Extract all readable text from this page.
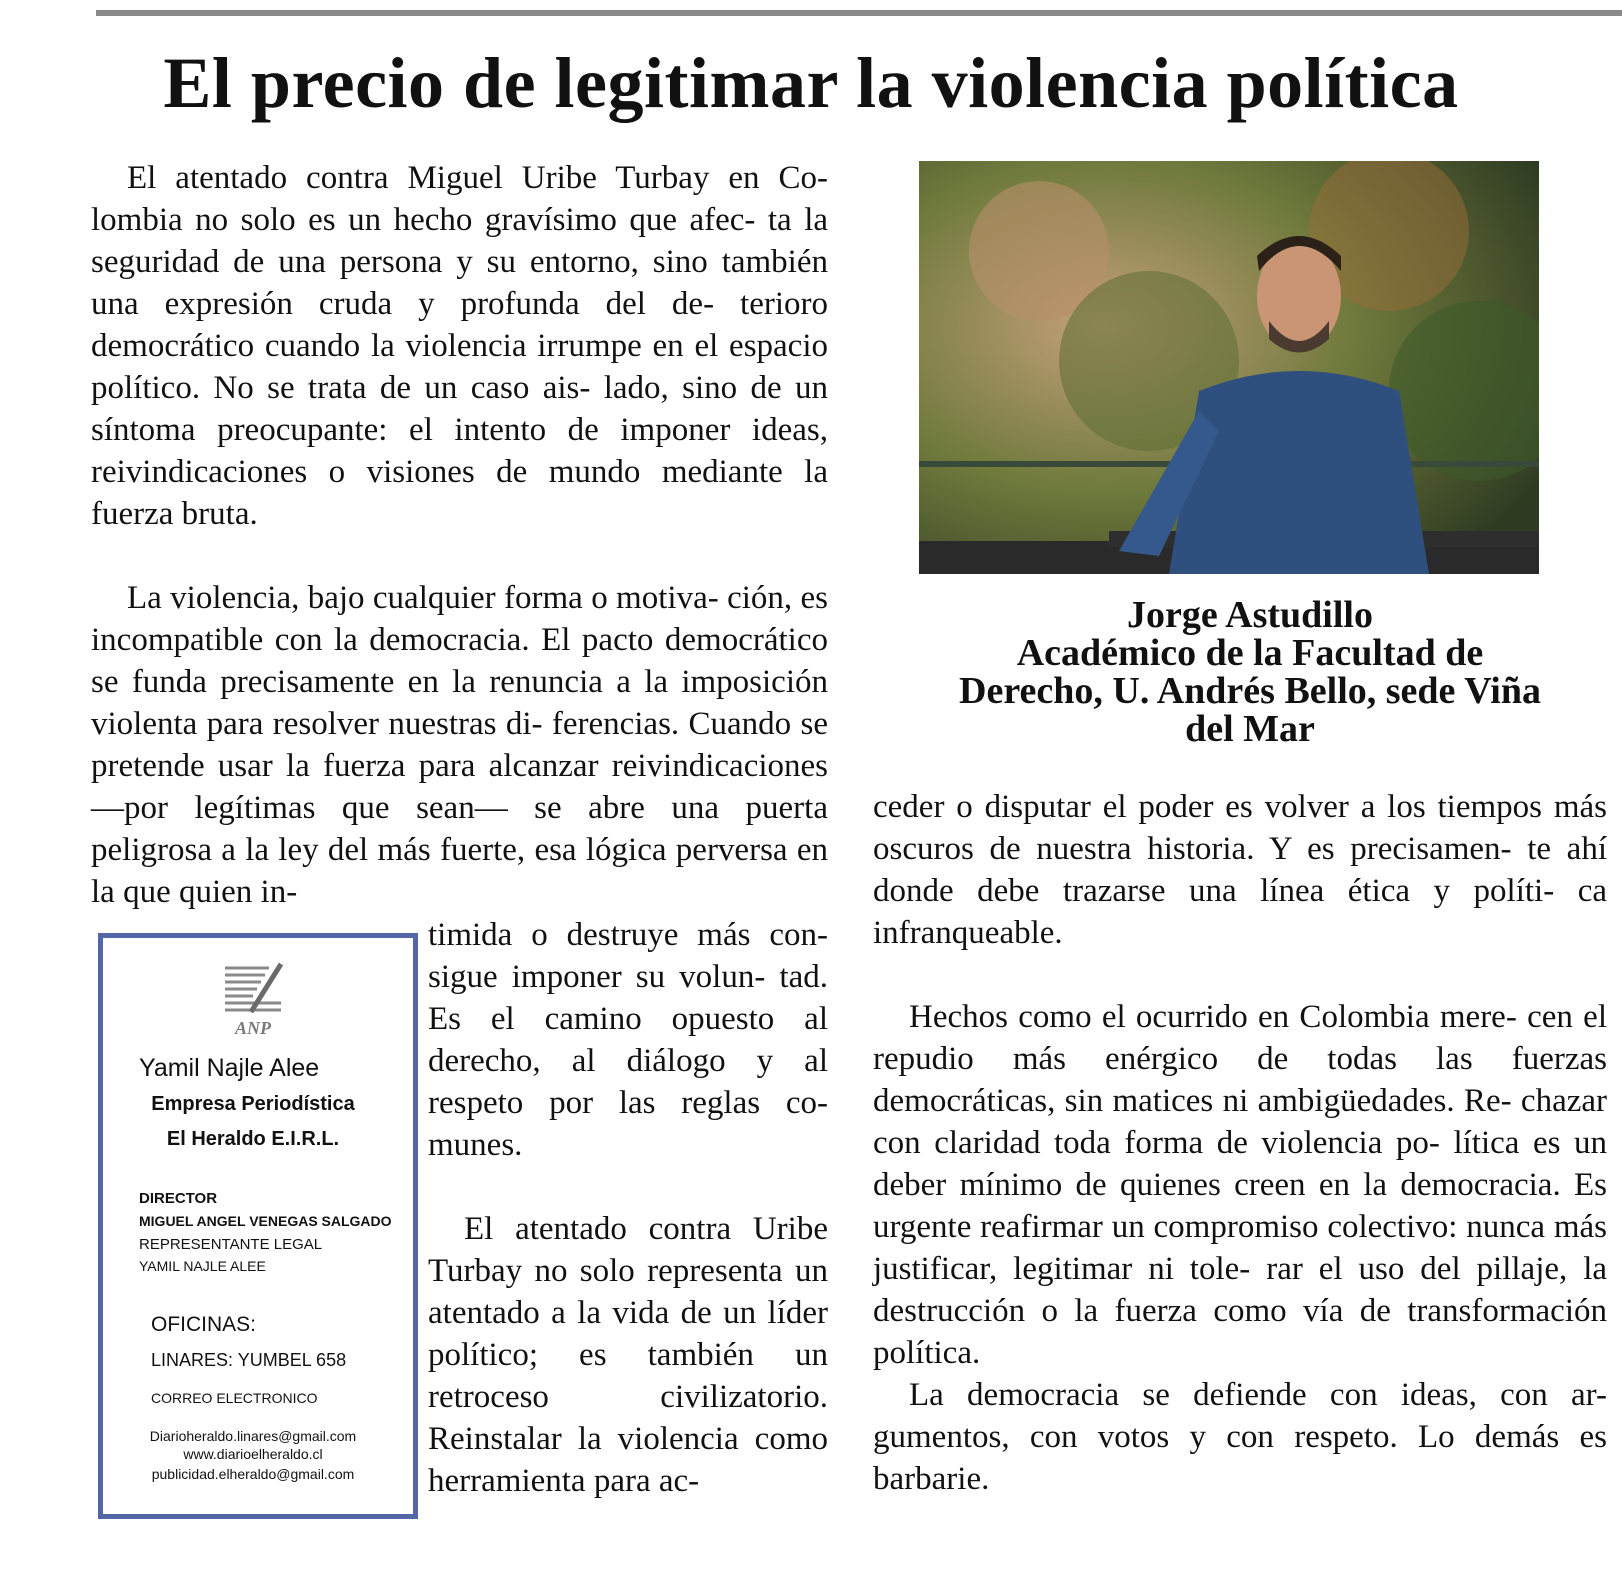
El precio de legitimar la violencia política

El atentado contra Miguel Uribe Turbay en Co- lombia no solo es un hecho gravísimo que afec- ta la seguridad de una persona y su entorno, sino también una expresión cruda y profunda del de- terioro democrático cuando la violencia irrumpe en el espacio político. No se trata de un caso ais- lado, sino de un síntoma preocupante: el intento de imponer ideas, reivindicaciones o visiones de mundo mediante la fuerza bruta.

La violencia, bajo cualquier forma o motiva- ción, es incompatible con la democracia. El pacto democrático se funda precisamente en la renuncia a la imposición violenta para resolver nuestras di- ferencias. Cuando se pretende usar la fuerza para alcanzar reivindicaciones —por legítimas que sean— se abre una puerta peligrosa a la ley del más fuerte, esa lógica perversa en la que quien in-

timida o destruye más con- sigue imponer su volun- tad. Es el camino opuesto al derecho, al diálogo y al respeto por las reglas co- munes.

El atentado contra Uribe Turbay no solo representa un atentado a la vida de un líder político; es también un retroceso civilizatorio. Reinstalar la violencia como herramienta para ac-

Jorge Astudillo
Académico de la Facultad de
Derecho, U. Andrés Bello, sede Viña
del Mar
ceder o disputar el poder es volver a los tiempos más oscuros de nuestra historia. Y es precisamen- te ahí donde debe trazarse una línea ética y políti- ca infranqueable.

Hechos como el ocurrido en Colombia mere- cen el repudio más enérgico de todas las fuerzas democráticas, sin matices ni ambigüedades. Re- chazar con claridad toda forma de violencia po- lítica es un deber mínimo de quienes creen en la democracia. Es urgente reafirmar un compromiso colectivo: nunca más justificar, legitimar ni tole- rar el uso del pillaje, la destrucción o la fuerza como vía de transformación política.

La democracia se defiende con ideas, con ar- gumentos, con votos y con respeto. Lo demás es barbarie.

ANP
Yamil Najle Alee
Empresa Periodística
El Heraldo E.I.R.L.
DIRECTOR
MIGUEL ANGEL VENEGAS SALGADO
REPRESENTANTE LEGAL
YAMIL NAJLE ALEE
OFICINAS:
LINARES: YUMBEL 658
CORREO ELECTRONICO
Diarioheraldo.linares@gmail.com
www.diarioelheraldo.cl
publicidad.elheraldo@gmail.com
